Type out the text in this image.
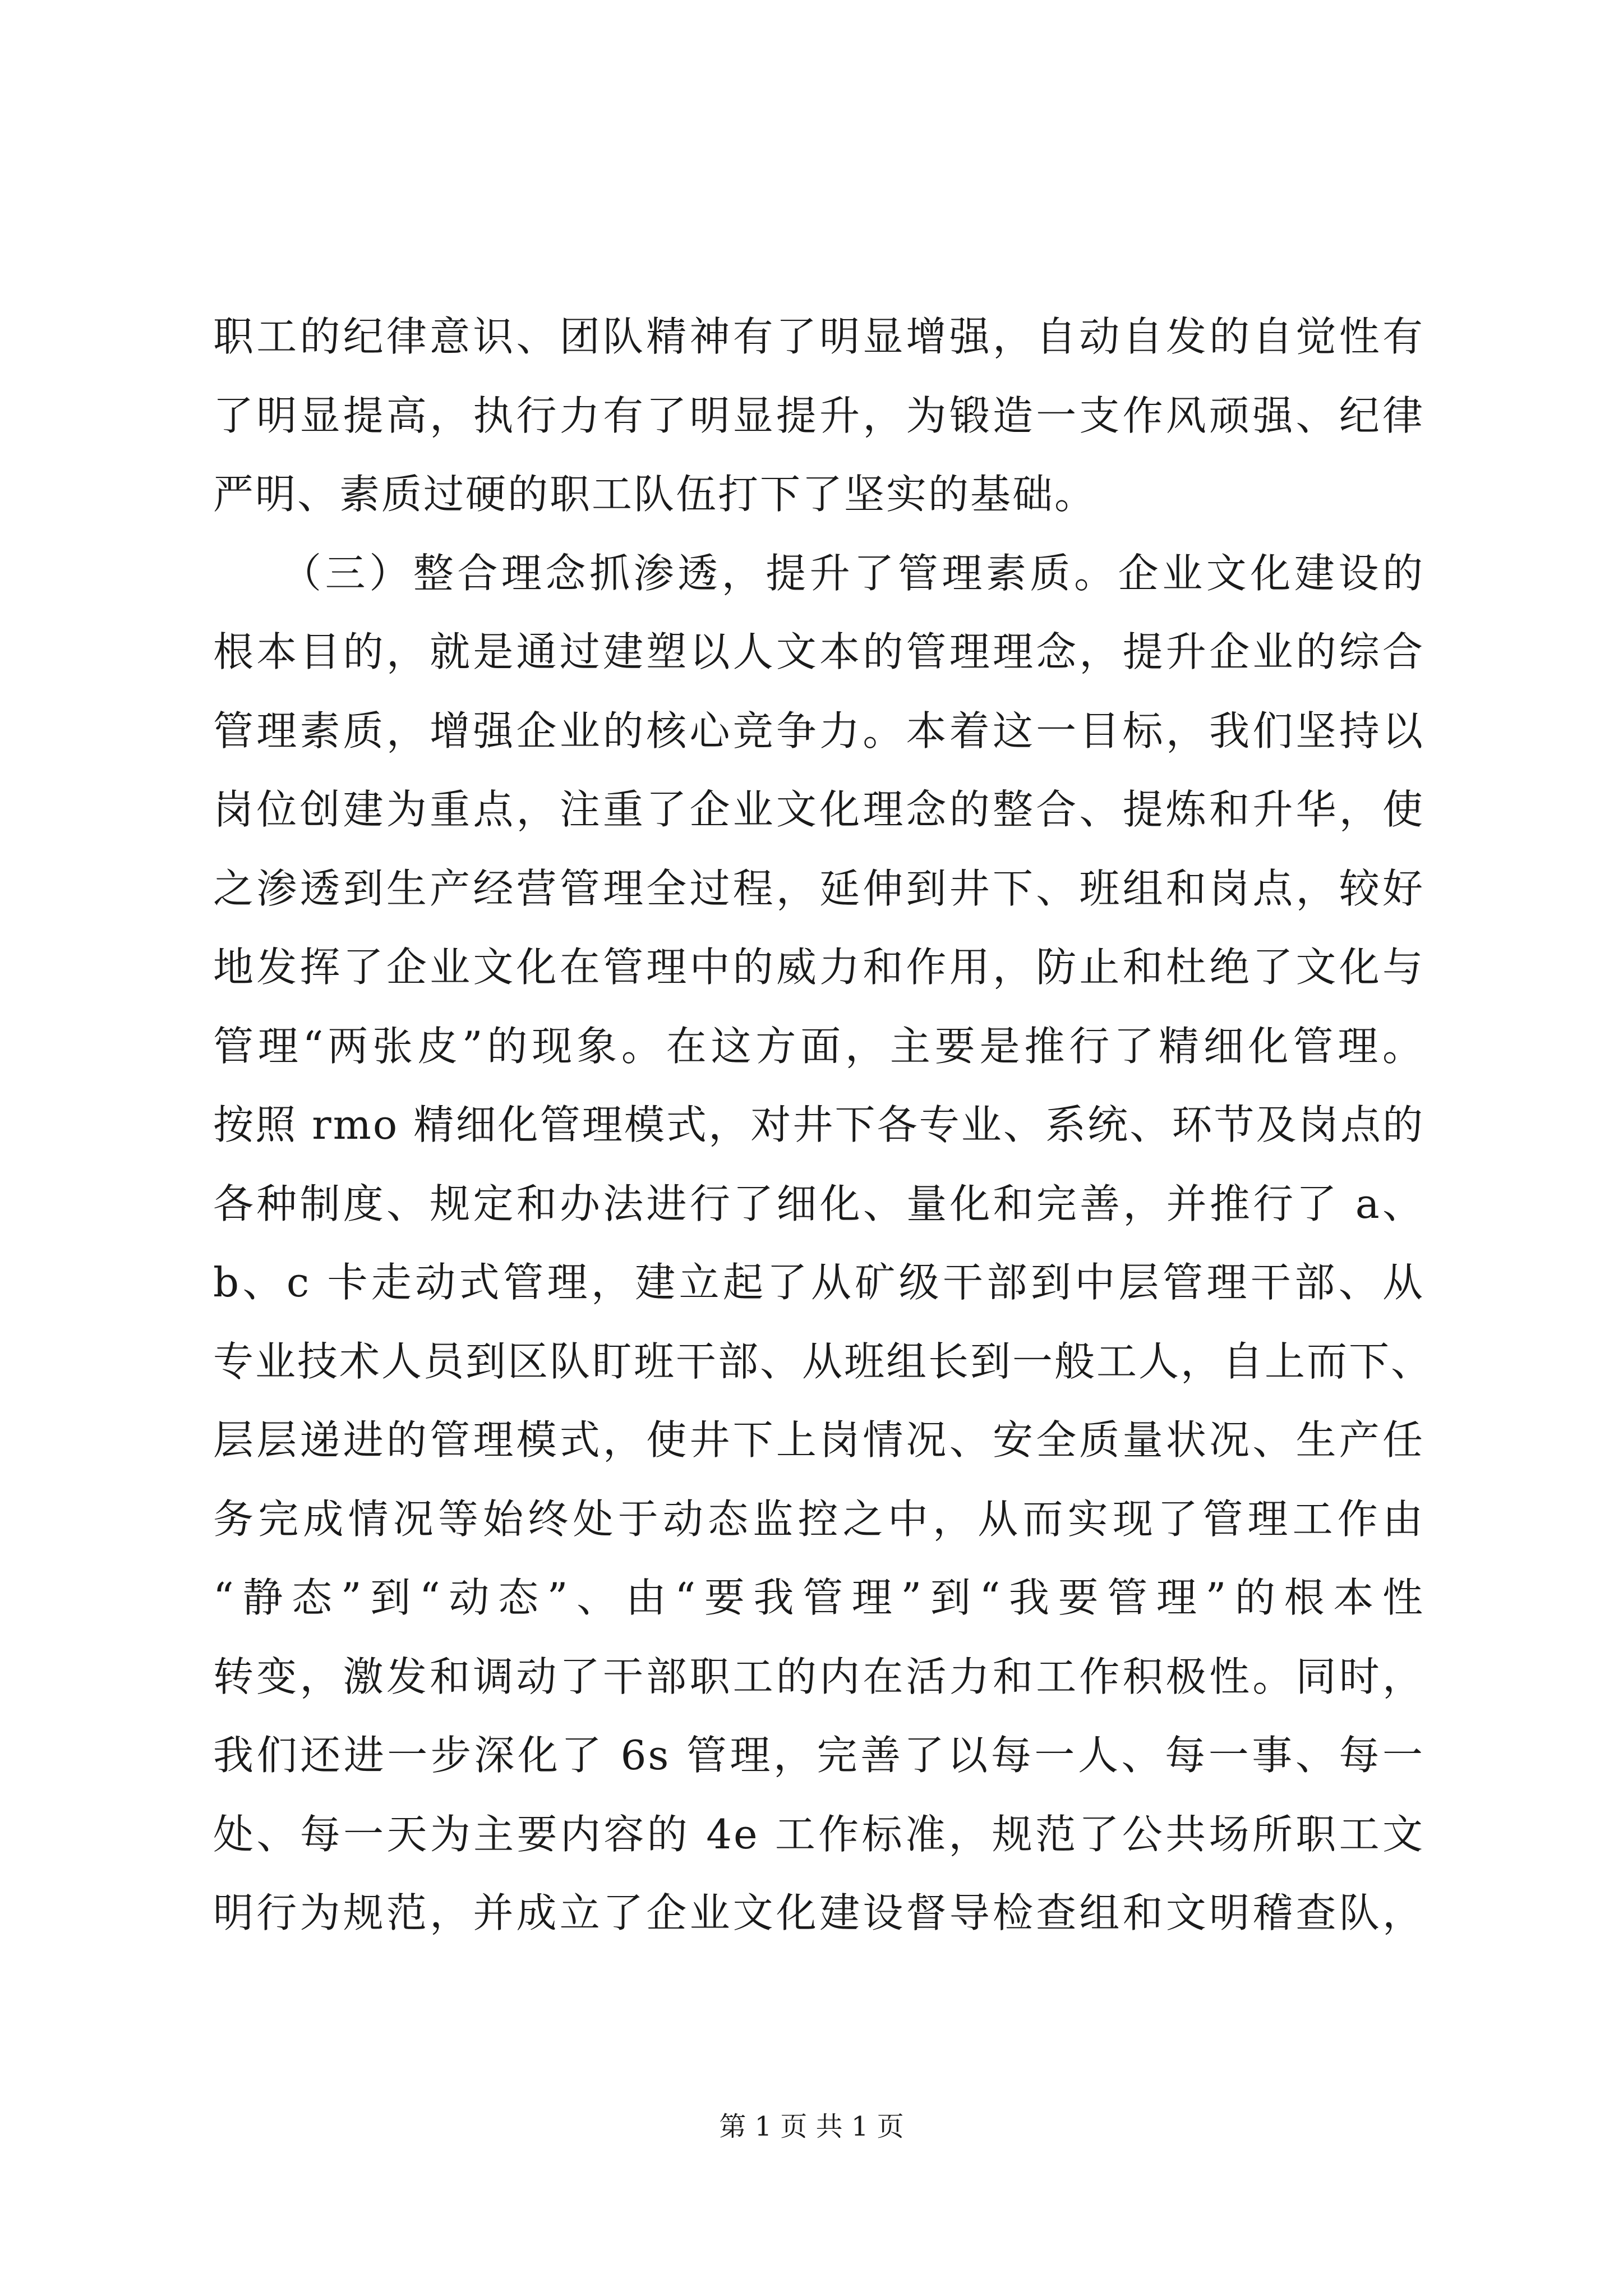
职工的纪律意识、团队精神有了明显增强，自动自发的自觉性有
了明显提高，执行力有了明显提升，为锻造一支作风顽强、纪律
严明、素质过硬的职工队伍打下了坚实的基础。
　　（三）整合理念抓渗透，提升了管理素质。企业文化建设的
根本目的，就是通过建塑以人文本的管理理念，提升企业的综合
管理素质，增强企业的核心竞争力。本着这一目标，我们坚持以
岗位创建为重点，注重了企业文化理念的整合、提炼和升华，使
之渗透到生产经营管理全过程，延伸到井下、班组和岗点，较好
地发挥了企业文化在管理中的威力和作用，防止和杜绝了文化与
管理“两张皮”的现象。在这方面，主要是推行了精细化管理。
按照 rmo 精细化管理模式，对井下各专业、系统、环节及岗点的
各种制度、规定和办法进行了细化、量化和完善，并推行了 a、
b、c 卡走动式管理，建立起了从矿级干部到中层管理干部、从
专业技术人员到区队盯班干部、从班组长到一般工人，自上而下、
层层递进的管理模式，使井下上岗情况、安全质量状况、生产任
务完成情况等始终处于动态监控之中，从而实现了管理工作由
“静态”到“动态”、由“要我管理”到“我要管理”的根本性
转变，激发和调动了干部职工的内在活力和工作积极性。同时，
我们还进一步深化了 6s 管理，完善了以每一人、每一事、每一
处、每一天为主要内容的 4e 工作标准，规范了公共场所职工文
明行为规范，并成立了企业文化建设督导检查组和文明稽查队，
第 1 页 共 1 页
